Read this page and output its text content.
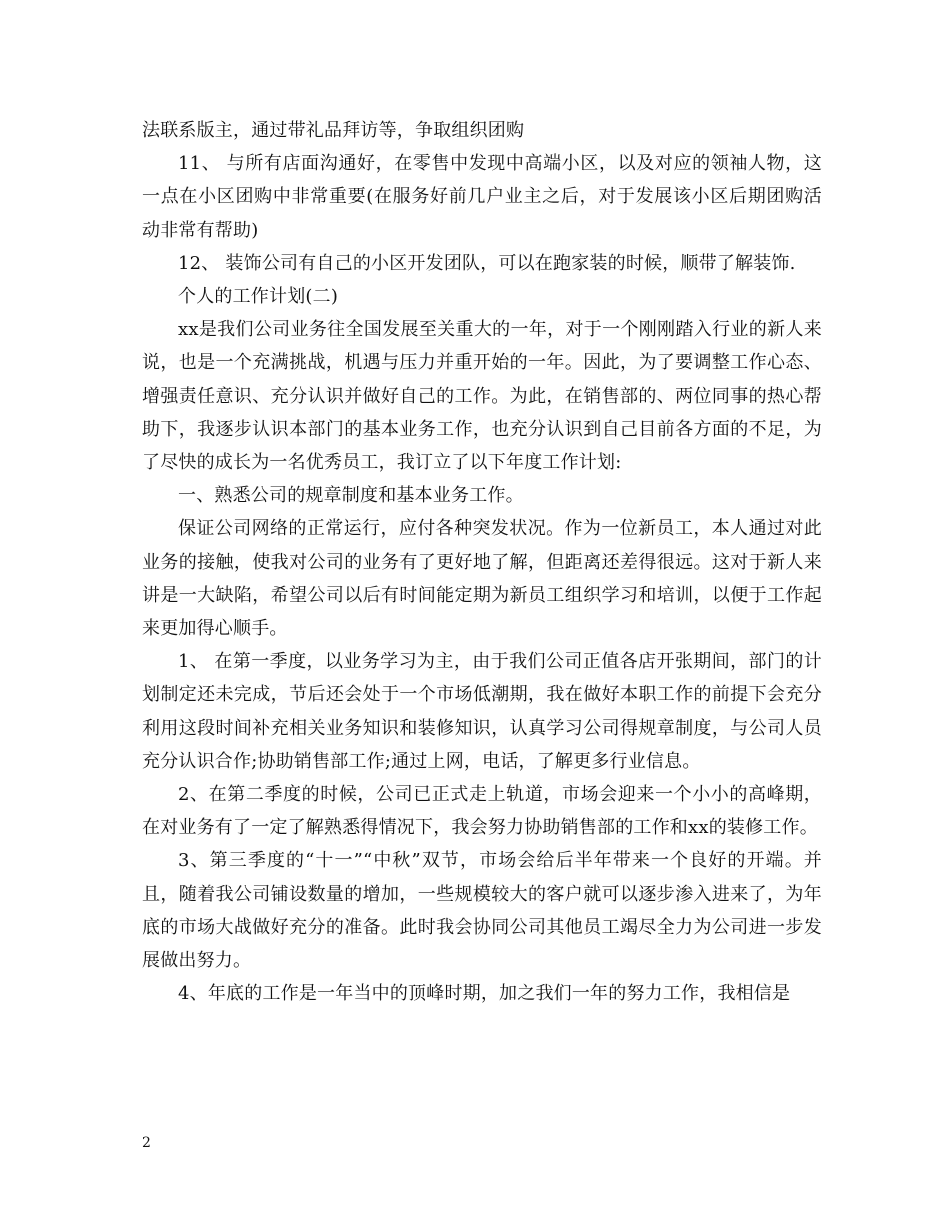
法联系版主，通过带礼品拜访等，争取组织团购

11、 与所有店面沟通好，在零售中发现中高端小区，以及对应的领袖人物，这一点在小区团购中非常重要(在服务好前几户业主之后，对于发展该小区后期团购活动非常有帮助)

12、 装饰公司有自己的小区开发团队，可以在跑家装的时候，顺带了解装饰.

个人的工作计划(二)

xx是我们公司业务往全国发展至关重大的一年，对于一个刚刚踏入行业的新人来说，也是一个充满挑战，机遇与压力并重开始的一年。因此，为了要调整工作心态、增强责任意识、充分认识并做好自己的工作。为此，在销售部的、两位同事的热心帮助下，我逐步认识本部门的基本业务工作，也充分认识到自己目前各方面的不足，为了尽快的成长为一名优秀员工，我订立了以下年度工作计划:

一、熟悉公司的规章制度和基本业务工作。

保证公司网络的正常运行，应付各种突发状况。作为一位新员工，本人通过对此业务的接触，使我对公司的业务有了更好地了解，但距离还差得很远。这对于新人来讲是一大缺陷，希望公司以后有时间能定期为新员工组织学习和培训，以便于工作起来更加得心顺手。

1、 在第一季度，以业务学习为主，由于我们公司正值各店开张期间，部门的计划制定还未完成，节后还会处于一个市场低潮期，我在做好本职工作的前提下会充分利用这段时间补充相关业务知识和装修知识，认真学习公司得规章制度，与公司人员充分认识合作;协助销售部工作;通过上网，电话，了解更多行业信息。

2、在第二季度的时候，公司已正式走上轨道，市场会迎来一个小小的高峰期，在对业务有了一定了解熟悉得情况下，我会努力协助销售部的工作和xx的装修工作。

3、第三季度的“十一”“中秋”双节，市场会给后半年带来一个良好的开端。并且，随着我公司铺设数量的增加，一些规模较大的客户就可以逐步渗入进来了，为年底的市场大战做好充分的准备。此时我会协同公司其他员工竭尽全力为公司进一步发展做出努力。

4、年底的工作是一年当中的顶峰时期，加之我们一年的努力工作，我相信是

2
